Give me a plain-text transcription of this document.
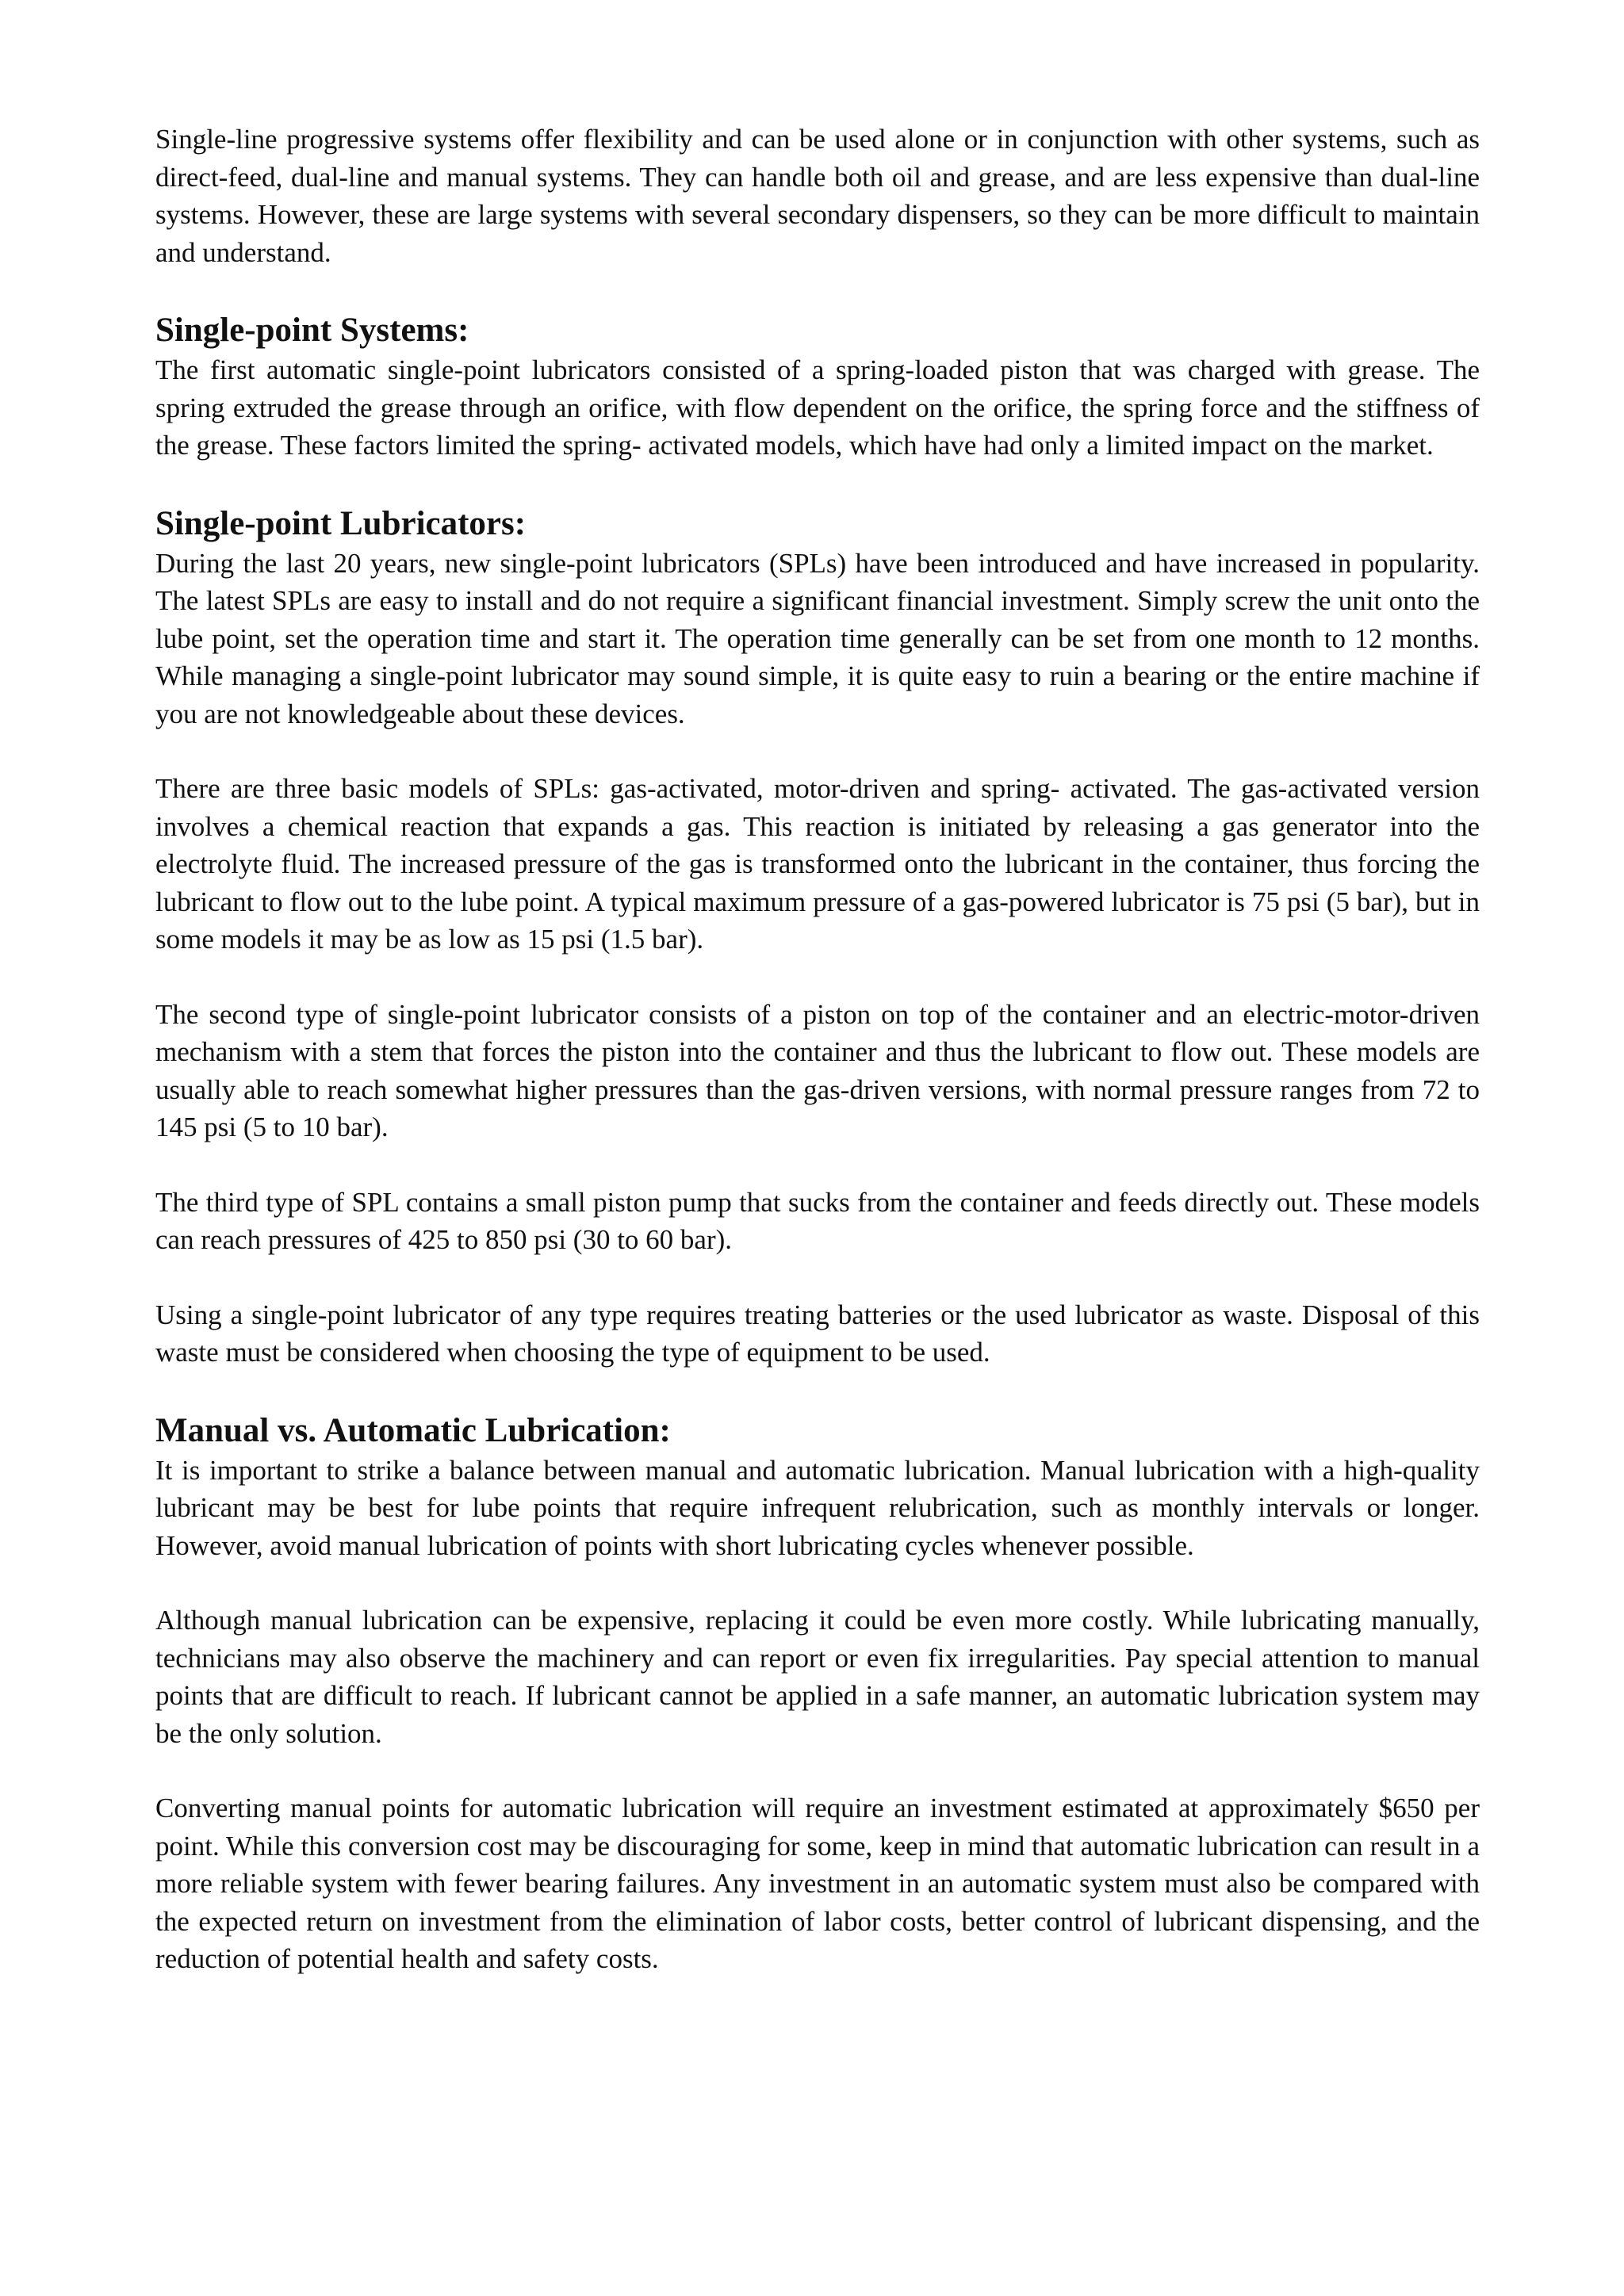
Single-line progressive systems offer flexibility and can be used alone or in conjunction with other systems, such as direct-feed, dual-line and manual systems. They can handle both oil and grease, and are less expensive than dual-line systems. However, these are large systems with several secondary dispensers, so they can be more difficult to maintain and understand.

Single-point Systems:

The first automatic single-point lubricators consisted of a spring-loaded piston that was charged with grease. The spring extruded the grease through an orifice, with flow dependent on the orifice, the spring force and the stiffness of the grease. These factors limited the spring- activated models, which have had only a limited impact on the market.

Single-point Lubricators:

During the last 20 years, new single-point lubricators (SPLs) have been introduced and have increased in popularity. The latest SPLs are easy to install and do not require a significant financial investment. Simply screw the unit onto the lube point, set the operation time and start it. The operation time generally can be set from one month to 12 months. While managing a single-point lubricator may sound simple, it is quite easy to ruin a bearing or the entire machine if you are not knowledgeable about these devices.

There are three basic models of SPLs: gas-activated, motor-driven and spring- activated. The gas-activated version involves a chemical reaction that expands a gas. This reaction is initiated by releasing a gas generator into the electrolyte fluid. The increased pressure of the gas is transformed onto the lubricant in the container, thus forcing the lubricant to flow out to the lube point. A typical maximum pressure of a gas-powered lubricator is 75 psi (5 bar), but in some models it may be as low as 15 psi (1.5 bar).

The second type of single-point lubricator consists of a piston on top of the container and an electric-motor-driven mechanism with a stem that forces the piston into the container and thus the lubricant to flow out. These models are usually able to reach somewhat higher pressures than the gas-driven versions, with normal pressure ranges from 72 to 145 psi (5 to 10 bar).

The third type of SPL contains a small piston pump that sucks from the container and feeds directly out. These models can reach pressures of 425 to 850 psi (30 to 60 bar).

Using a single-point lubricator of any type requires treating batteries or the used lubricator as waste. Disposal of this waste must be considered when choosing the type of equipment to be used.

Manual vs. Automatic Lubrication:

It is important to strike a balance between manual and automatic lubrication. Manual lubrication with a high-quality lubricant may be best for lube points that require infrequent relubrication, such as monthly intervals or longer. However, avoid manual lubrication of points with short lubricating cycles whenever possible.

Although manual lubrication can be expensive, replacing it could be even more costly. While lubricating manually, technicians may also observe the machinery and can report or even fix irregularities. Pay special attention to manual points that are difficult to reach. If lubricant cannot be applied in a safe manner, an automatic lubrication system may be the only solution.

Converting manual points for automatic lubrication will require an investment estimated at approximately $650 per point. While this conversion cost may be discouraging for some, keep in mind that automatic lubrication can result in a more reliable system with fewer bearing failures. Any investment in an automatic system must also be compared with the expected return on investment from the elimination of labor costs, better control of lubricant dispensing, and the reduction of potential health and safety costs.
